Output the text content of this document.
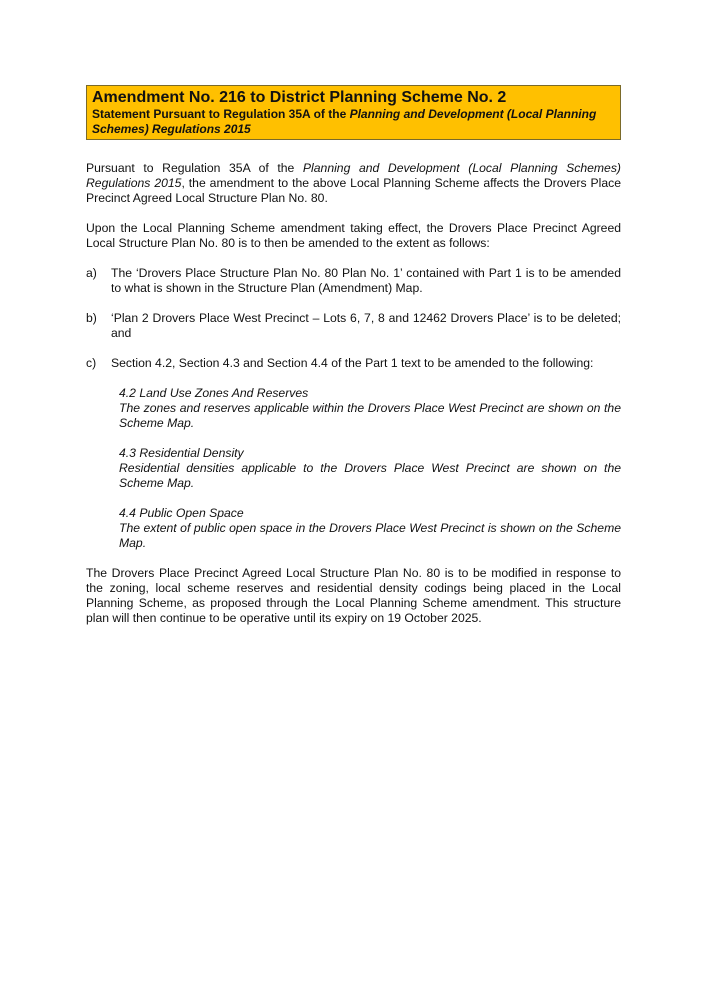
Amendment No. 216 to District Planning Scheme No. 2
Statement Pursuant to Regulation 35A of the Planning and Development (Local Planning Schemes) Regulations 2015

Pursuant to Regulation 35A of the Planning and Development (Local Planning Schemes) Regulations 2015, the amendment to the above Local Planning Scheme affects the Drovers Place Precinct Agreed Local Structure Plan No. 80.

Upon the Local Planning Scheme amendment taking effect, the Drovers Place Precinct Agreed Local Structure Plan No. 80 is to then be amended to the extent as follows:

a)	The ‘Drovers Place Structure Plan No. 80 Plan No. 1’ contained with Part 1 is to be amended to what is shown in the Structure Plan (Amendment) Map.
b)	‘Plan 2 Drovers Place West Precinct – Lots 6, 7, 8 and 12462 Drovers Place’ is to be deleted; and
c)	Section 4.2, Section 4.3 and Section 4.4 of the Part 1 text to be amended to the following:

4.2 Land Use Zones And Reserves

The zones and reserves applicable within the Drovers Place West Precinct are shown on the Scheme Map.

4.3 Residential Density

Residential densities applicable to the Drovers Place West Precinct are shown on the Scheme Map.

4.4 Public Open Space

The extent of public open space in the Drovers Place West Precinct is shown on the Scheme Map.

The Drovers Place Precinct Agreed Local Structure Plan No. 80 is to be modified in response to the zoning, local scheme reserves and residential density codings being placed in the Local Planning Scheme, as proposed through the Local Planning Scheme amendment. This structure plan will then continue to be operative until its expiry on 19 October 2025.
